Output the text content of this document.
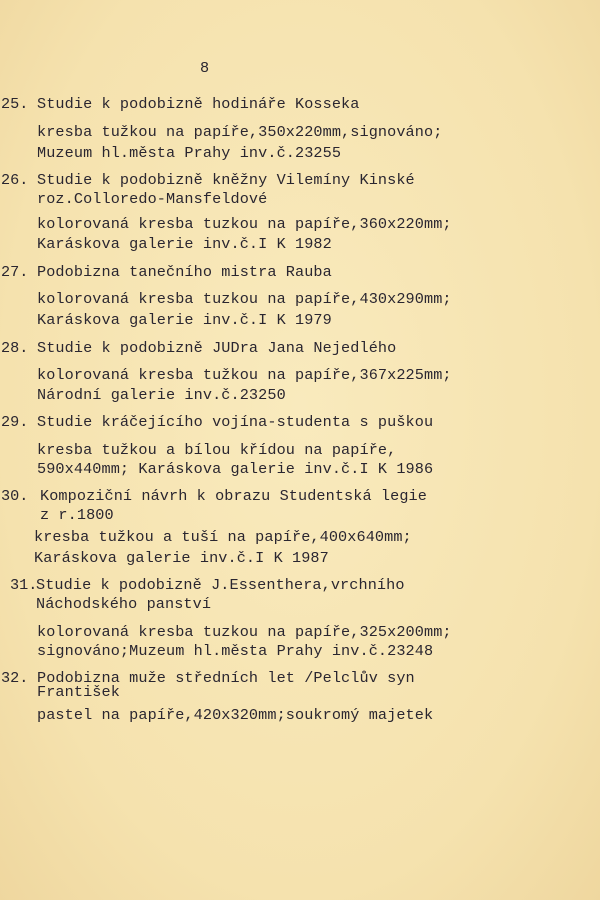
8
25. Studie k podobizně hodináře Kosseka
kresba tužkou na papíře,350x220mm,signováno;
Muzeum hl.města Prahy inv.č.23255
26. Studie k podobizně kněžny Vilemíny Kinské
roz.Colloredo-Mansfeldové
kolorovaná kresba tuzkou na papíře,360x220mm;
Karáskova galerie inv.č.I K 1982
27. Podobizna tanečního mistra Rauba
kolorovaná kresba tuzkou na papíře,430x290mm;
Karáskova galerie inv.č.I K 1979
28. Studie k podobizně JUDra Jana Nejedlého
kolorovaná kresba tužkou na papíře,367x225mm;
Národní galerie inv.č.23250
29. Studie kráčejícího vojína-studenta s puškou
kresba tužkou a bílou křídou na papíře,
590x440mm; Karáskova galerie inv.č.I K 1986
30. Kompoziční návrh k obrazu Studentská legie
z r.1800
kresba tužkou a tuší na papíře,400x640mm;
Karáskova galerie inv.č.I K 1987
31.
Studie k podobizně J.Essenthera,vrchního
Náchodského panství
kolorovaná kresba tuzkou na papíře,325x200mm;
signováno;Muzeum hl.města Prahy inv.č.23248
32. Podobizna muže středních let /Pelclův syn
František
pastel na papíře,420x320mm;soukromý majetek
